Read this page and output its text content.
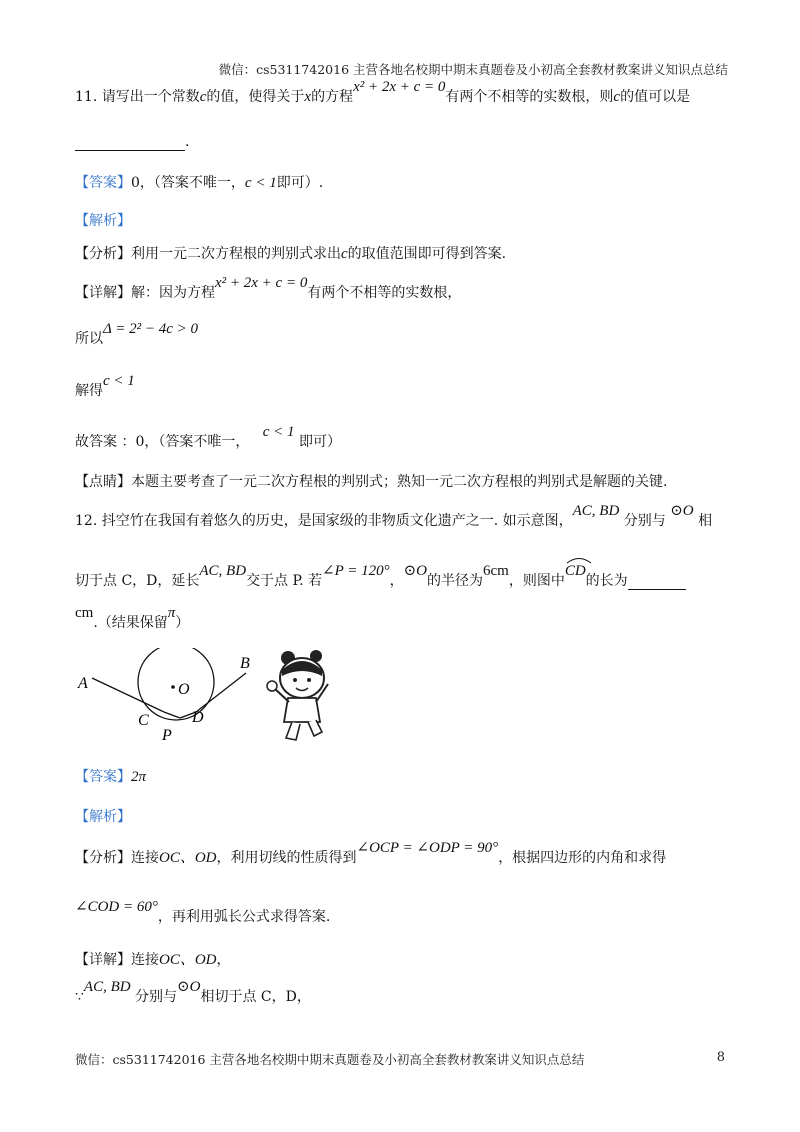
微信：cs5311742016 主营各地名校期中期末真题卷及小初高全套教材教案讲义知识点总结
11. 请写出一个常数c的值，使得关于x的方程x² + 2x + c = 0有两个不相等的实数根，则c的值可以是
.
【答案】0，（答案不唯一，c < 1即可）.
【解析】
【分析】利用一元二次方程根的判别式求出c的取值范围即可得到答案.
【详解】解：因为方程x² + 2x + c = 0有两个不相等的实数根，
所以Δ = 2² − 4c > 0
解得c < 1
故答案 ：0，（答案不唯一，   c < 1 即可）
【点睛】本题主要考查了一元二次方程根的判别式；熟知一元二次方程根的判别式是解题的关键.
12. 抖空竹在我国有着悠久的历史，是国家级的非物质文化遗产之一. 如示意图，AC, BD 分别与 ⊙O 相
切于点 C，D，延长AC, BD交于点 P. 若∠P = 120°，⊙O的半径为6cm，则图中
CD的长为
cm.（结果保留π）
A
B
C	D
O
P
【答案】2π
【解析】
【分析】连接OC、OD，利用切线的性质得到∠OCP = ∠ODP = 90°，根据四边形的内角和求得
∠COD = 60°，再利用弧长公式求得答案.
【详解】连接OC、OD，
∵AC, BD 分别与⊙O相切于点 C，D，
微信：cs5311742016 主营各地名校期中期末真题卷及小初高全套教材教案讲义知识点总结	8
